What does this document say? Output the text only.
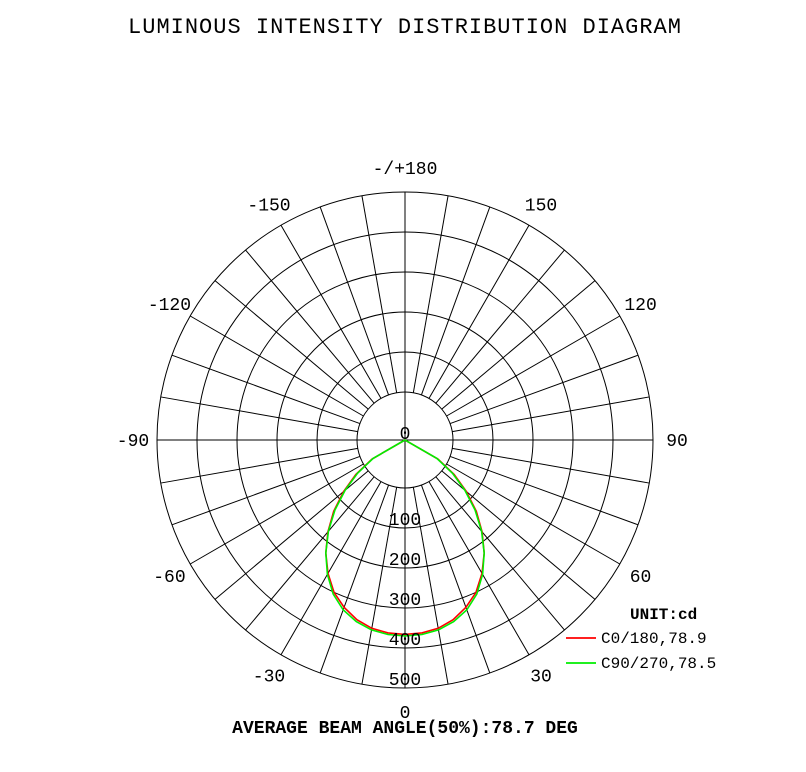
LUMINOUS INTENSITY DISTRIBUTION DIAGRAM
0
30
60
90
120
150
-/+180
-150
-120
-90
-60
-30
0
100
200
300
400
500
UNIT:cd
C0/180,78.9
C90/270,78.5
AVERAGE BEAM ANGLE(50%):78.7 DEG
